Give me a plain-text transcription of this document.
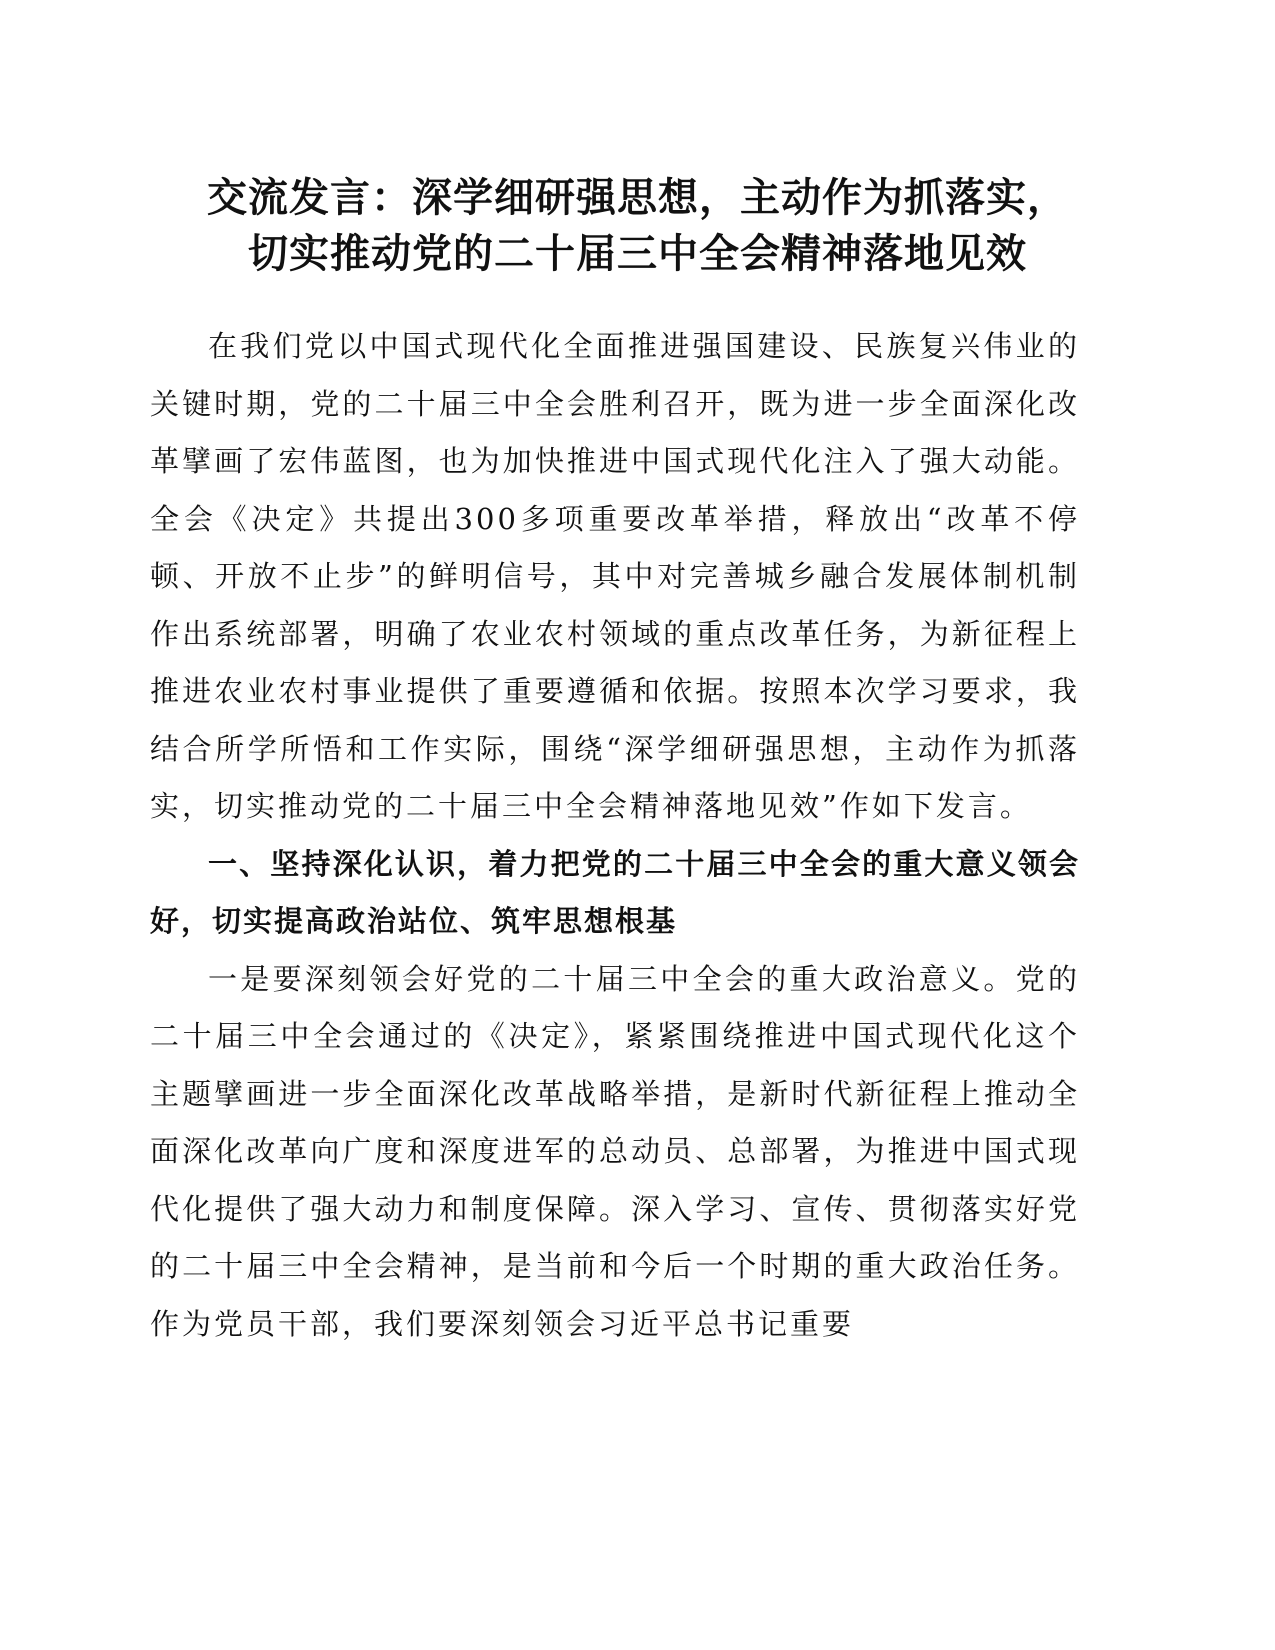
交流发言：深学细研强思想，主动作为抓落实，
切实推动党的二十届三中全会精神落地见效

在我们党以中国式现代化全面推进强国建设、民族复兴伟业的关键时期，党的二十届三中全会胜利召开，既为进一步全面深化改革擘画了宏伟蓝图，也为加快推进中国式现代化注入了强大动能。全会《决定》共提出300多项重要改革举措，释放出“改革不停顿、开放不止步”的鲜明信号，其中对完善城乡融合发展体制机制作出系统部署，明确了农业农村领域的重点改革任务，为新征程上推进农业农村事业提供了重要遵循和依据。按照本次学习要求，我结合所学所悟和工作实际，围绕“深学细研强思想，主动作为抓落实，切实推动党的二十届三中全会精神落地见效”作如下发言。

一、坚持深化认识，着力把党的二十届三中全会的重大意义领会好，切实提高政治站位、筑牢思想根基

一是要深刻领会好党的二十届三中全会的重大政治意义。党的二十届三中全会通过的《决定》，紧紧围绕推进中国式现代化这个主题擘画进一步全面深化改革战略举措，是新时代新征程上推动全面深化改革向广度和深度进军的总动员、总部署，为推进中国式现代化提供了强大动力和制度保障。深入学习、宣传、贯彻落实好党的二十届三中全会精神，是当前和今后一个时期的重大政治任务。作为党员干部，我们要深刻领会习近平总书记重要
